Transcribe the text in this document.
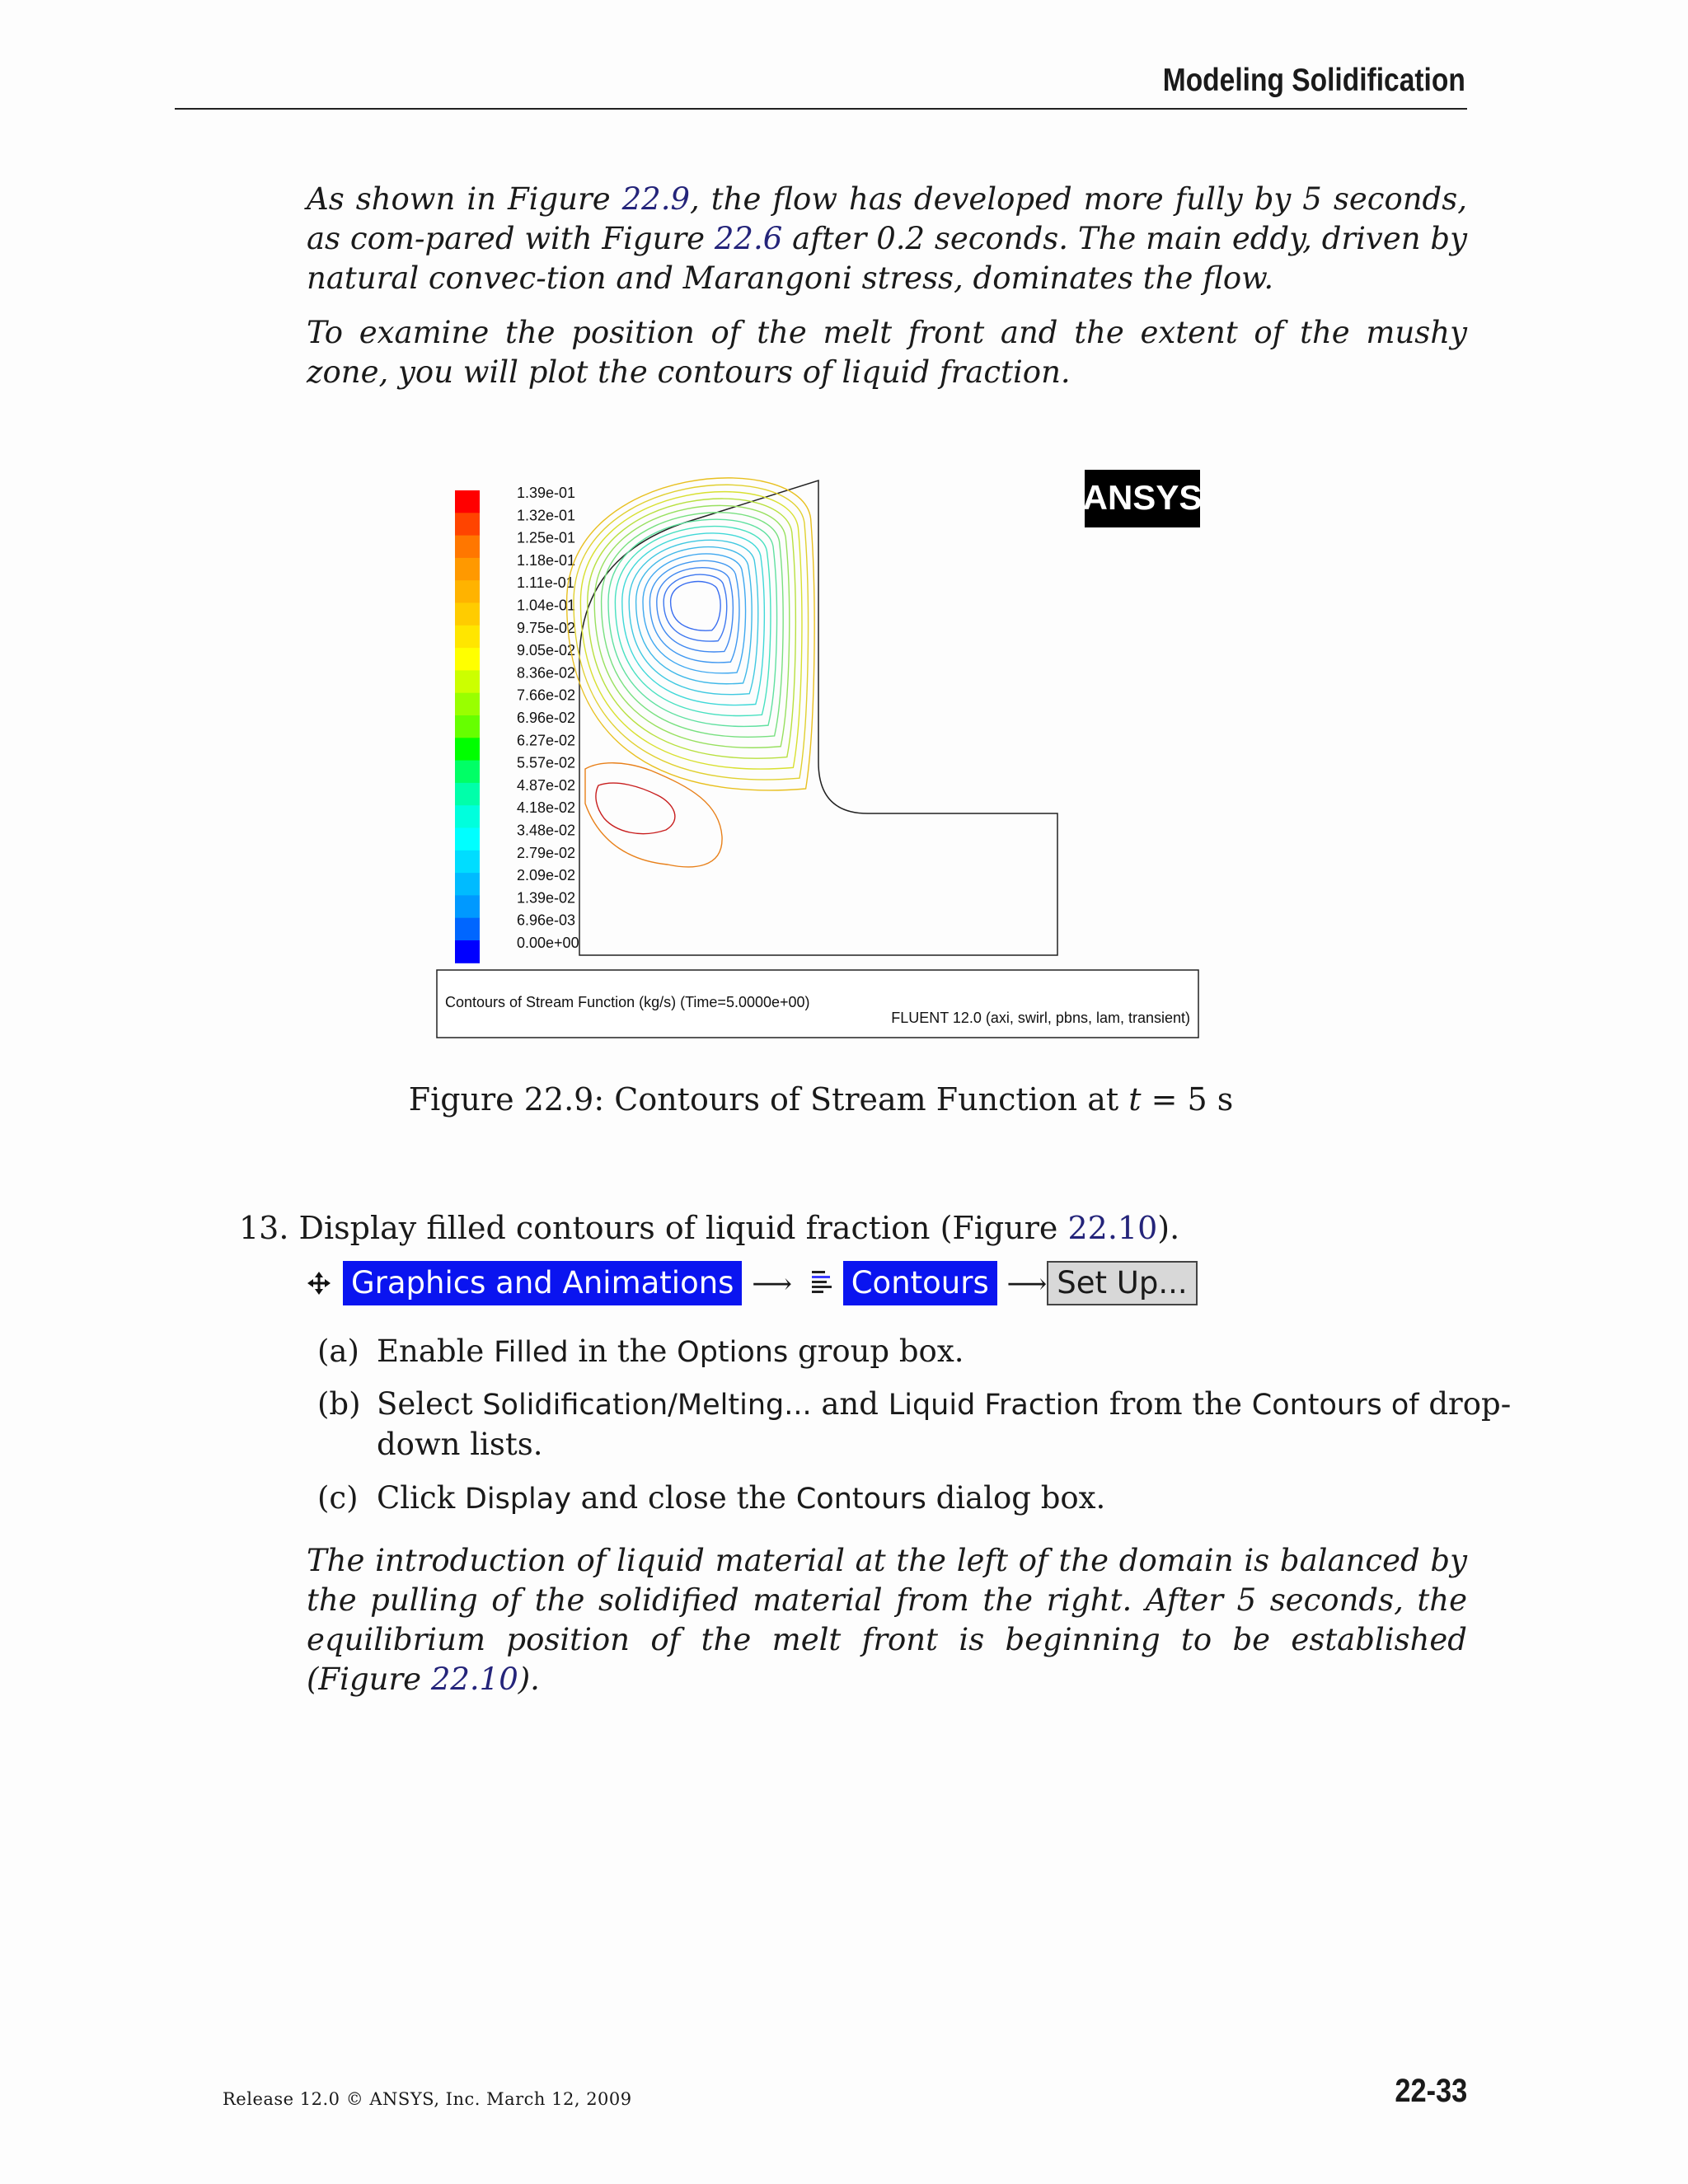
Modeling Solidification
As shown in Figure 22.9, the flow has developed more fully by 5 seconds, as com-pared with Figure 22.6 after 0.2 seconds. The main eddy, driven by natural convec-tion and Marangoni stress, dominates the flow.
To examine the position of the melt front and the extent of the mushy zone, you will plot the contours of liquid fraction.
1.39e-01
1.32e-01
1.25e-01
1.18e-01
1.11e-01
1.04e-01
9.75e-02
9.05e-02
8.36e-02
7.66e-02
6.96e-02
6.27e-02
5.57e-02
4.87e-02
4.18e-02
3.48e-02
2.79e-02
2.09e-02
1.39e-02
6.96e-03
0.00e+00
ANSYS
Contours of Stream Function (kg/s) (Time=5.0000e+00)
FLUENT 12.0 (axi, swirl, pbns, lam, transient)
Figure 22.9: Contours of Stream Function at t = 5 s
13. Display filled contours of liquid fraction (Figure 22.10).
Graphics and Animations ⟶ Contours ⟶ Set Up...
(a) Enable Filled in the Options group box.
(b) Select Solidification/Melting... and Liquid Fraction from the Contours of drop-down lists.
(c) Click Display and close the Contours dialog box.
The introduction of liquid material at the left of the domain is balanced by the pulling of the solidified material from the right. After 5 seconds, the equilibrium position of the melt front is beginning to be established (Figure 22.10).
Release 12.0 © ANSYS, Inc. March 12, 2009	22-33
